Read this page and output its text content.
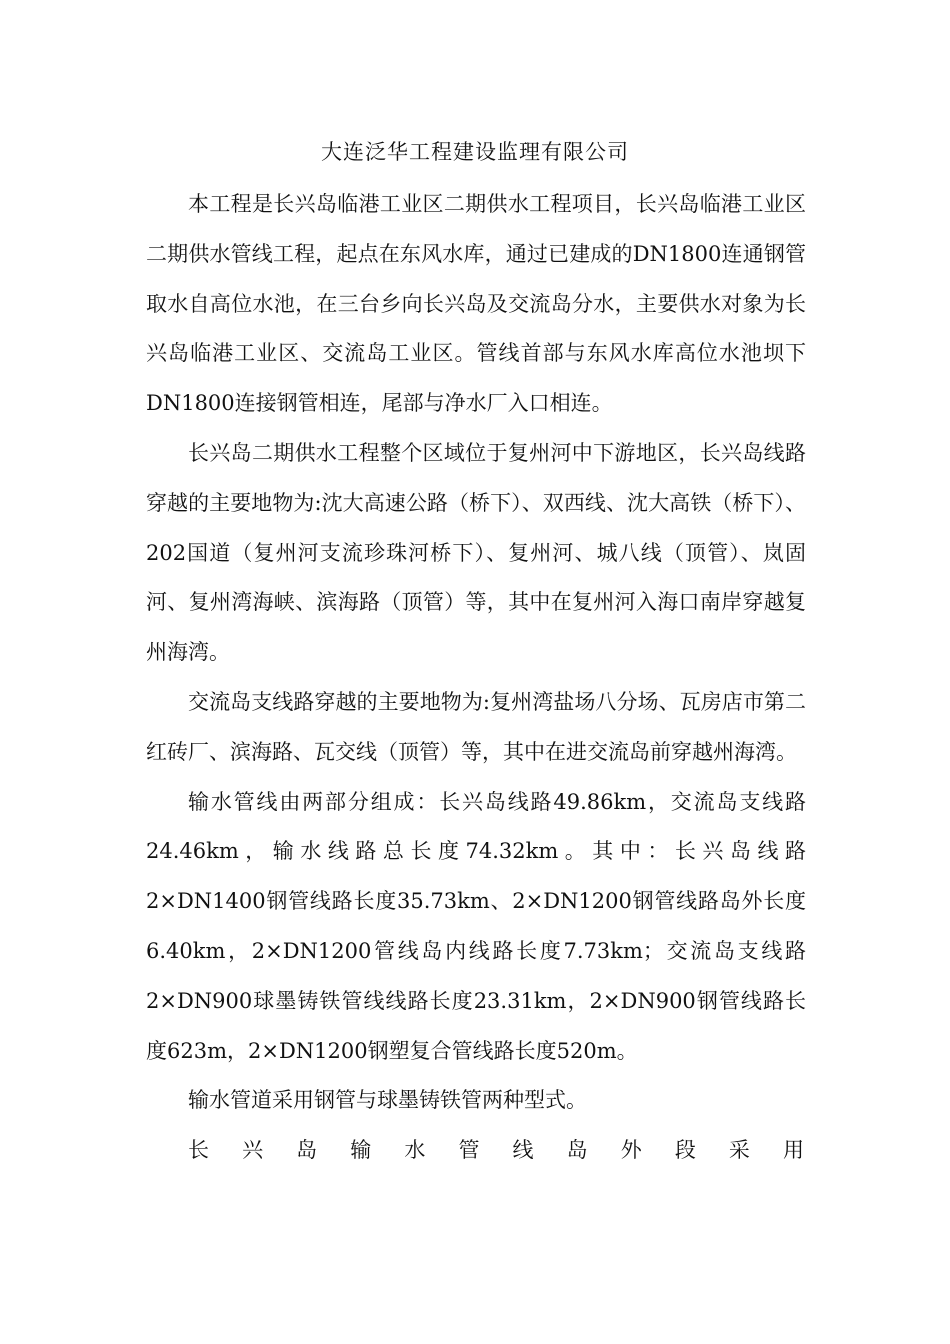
大连泛华工程建设监理有限公司

本工程是长兴岛临港工业区二期供水工程项目，长兴岛临港工业区二期供水管线工程，起点在东风水库，通过已建成的DN1800连通钢管取水自高位水池，在三台乡向长兴岛及交流岛分水，主要供水对象为长兴岛临港工业区、交流岛工业区。管线首部与东风水库高位水池坝下DN1800连接钢管相连，尾部与净水厂入口相连。

长兴岛二期供水工程整个区域位于复州河中下游地区，长兴岛线路穿越的主要地物为:沈大高速公路（桥下）、双西线、沈大高铁（桥下）、202国道（复州河支流珍珠河桥下）、复州河、城八线（顶管）、岚固河、复州湾海峡、滨海路（顶管）等，其中在复州河入海口南岸穿越复州海湾。

交流岛支线路穿越的主要地物为:复州湾盐场八分场、瓦房店市第二红砖厂、滨海路、瓦交线（顶管）等，其中在进交流岛前穿越州海湾。

输水管线由两部分组成：长兴岛线路49.86km，交流岛支线路24.46km，输水线路总长度74.32km。其中：长兴岛线路2×DN1400钢管线路长度35.73km、2×DN1200钢管线路岛外长度6.40km，2×DN1200管线岛内线路长度7.73km；交流岛支线路2×DN900球墨铸铁管线线路长度23.31km，2×DN900钢管线路长度623m，2×DN1200钢塑复合管线路长度520m。

输水管道采用钢管与球墨铸铁管两种型式。

长兴岛输水管线岛外段采用
